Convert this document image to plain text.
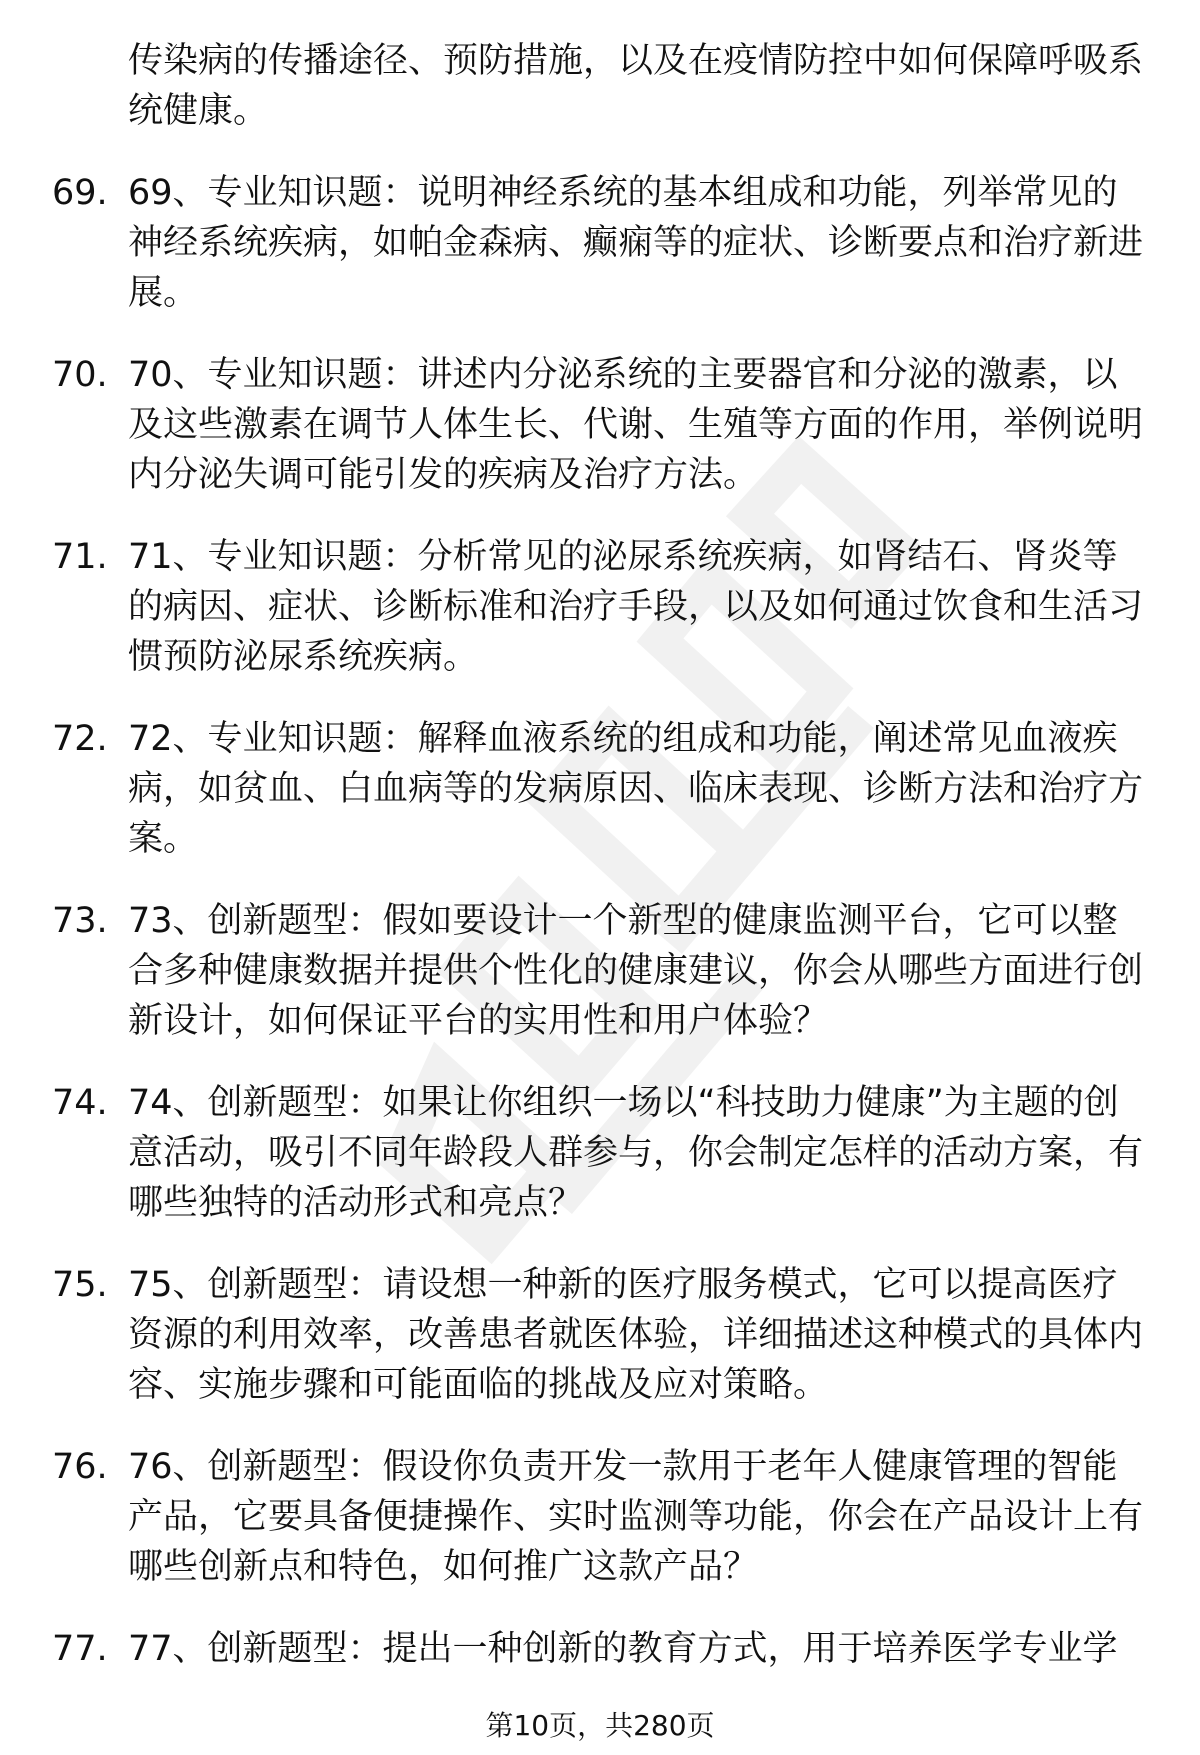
传染病的传播途径、预防措施，以及在疫情防控中如何保障呼吸系统健康。

69. 69、专业知识题：说明神经系统的基本组成和功能，列举常见的神经系统疾病，如帕金森病、癫痫等的症状、诊断要点和治疗新进展。
70. 70、专业知识题：讲述内分泌系统的主要器官和分泌的激素，以及这些激素在调节人体生长、代谢、生殖等方面的作用，举例说明内分泌失调可能引发的疾病及治疗方法。
71. 71、专业知识题：分析常见的泌尿系统疾病，如肾结石、肾炎等的病因、症状、诊断标准和治疗手段，以及如何通过饮食和生活习惯预防泌尿系统疾病。
72. 72、专业知识题：解释血液系统的组成和功能，阐述常见血液疾病，如贫血、白血病等的发病原因、临床表现、诊断方法和治疗方案。
73. 73、创新题型：假如要设计一个新型的健康监测平台，它可以整合多种健康数据并提供个性化的健康建议，你会从哪些方面进行创新设计，如何保证平台的实用性和用户体验？
74. 74、创新题型：如果让你组织一场以“科技助力健康”为主题的创意活动，吸引不同年龄段人群参与，你会制定怎样的活动方案，有哪些独特的活动形式和亮点？
75. 75、创新题型：请设想一种新的医疗服务模式，它可以提高医疗资源的利用效率，改善患者就医体验，详细描述这种模式的具体内容、实施步骤和可能面临的挑战及应对策略。
76. 76、创新题型：假设你负责开发一款用于老年人健康管理的智能产品，它要具备便捷操作、实时监测等功能，你会在产品设计上有哪些创新点和特色，如何推广这款产品？
77. 77、创新题型：提出一种创新的教育方式，用于培养医学专业学
第10页，共280页
